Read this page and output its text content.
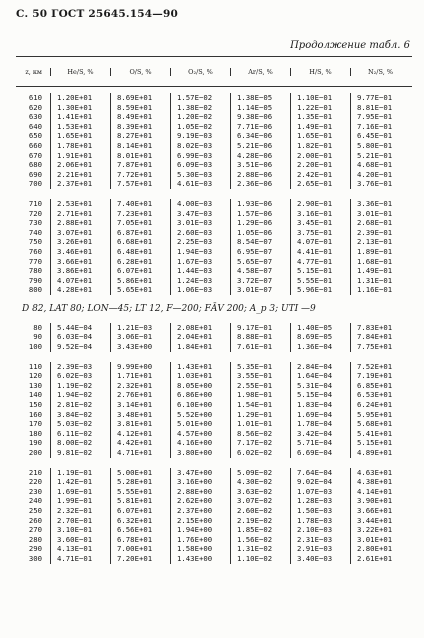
С. 50 ГОСТ 25645.154—90
Продолжение табл. 6
z, км	He/S, %	O/S, %	O₂/S, %	Ar/S, %	H/S, %	N₂/S, %
610	1.20E+01	8.69E+01	1.57E−02	1.38E−05	1.10E−01	9.77E−01
620	1.30E+01	8.59E+01	1.38E−02	1.14E−05	1.22E−01	8.81E−01
630	1.41E+01	8.49E+01	1.20E−02	9.38E−06	1.35E−01	7.95E−01
640	1.53E+01	8.39E+01	1.05E−02	7.71E−06	1.49E−01	7.16E−01
650	1.65E+01	8.27E+01	9.19E−03	6.34E−06	1.65E−01	6.45E−01
660	1.78E+01	8.14E+01	8.02E−03	5.21E−06	1.82E−01	5.80E−01
670	1.91E+01	8.01E+01	6.99E−03	4.28E−06	2.00E−01	5.21E−01
680	2.06E+01	7.87E+01	6.09E−03	3.51E−06	2.20E−01	4.68E−01
690	2.21E+01	7.72E+01	5.30E−03	2.88E−06	2.42E−01	4.20E−01
700	2.37E+01	7.57E+01	4.61E−03	2.36E−06	2.65E−01	3.76E−01
710	2.53E+01	7.40E+01	4.00E−03	1.93E−06	2.90E−01	3.36E−01
720	2.71E+01	7.23E+01	3.47E−03	1.57E−06	3.16E−01	3.01E−01
730	2.88E+01	7.05E+01	3.01E−03	1.29E−06	3.45E−01	2.68E−01
740	3.07E+01	6.87E+01	2.60E−03	1.05E−06	3.75E−01	2.39E−01
750	3.26E+01	6.68E+01	2.25E−03	8.54E−07	4.07E−01	2.13E−01
760	3.46E+01	6.48E+01	1.94E−03	6.95E−07	4.41E−01	1.89E−01
770	3.66E+01	6.28E+01	1.67E−03	5.65E−07	4.77E−01	1.68E−01
780	3.86E+01	6.07E+01	1.44E−03	4.58E−07	5.15E−01	1.49E−01
790	4.07E+01	5.86E+01	1.24E−03	3.72E−07	5.55E−01	1.31E−01
800	4.28E+01	5.65E+01	1.06E−03	3.01E−07	5.96E−01	1.16E−01
D 82, LAT 80; LON—45; LT 12, F—200; FĀV 200; A_p 3; UTI —9
80	5.44E−04	1.21E−03	2.08E+01	9.17E−01	1.40E−05	7.83E+01
90	6.03E−04	3.06E−01	2.04E+01	8.88E−01	8.69E−05	7.84E+01
100	9.52E−04	3.43E+00	1.84E+01	7.61E−01	1.36E−04	7.75E+01
110	2.39E−03	9.99E+00	1.43E+01	5.35E−01	2.84E−04	7.52E+01
120	6.02E−03	1.71E+01	1.03E+01	3.55E−01	1.64E−04	7.19E+01
130	1.19E−02	2.32E+01	8.05E+00	2.55E−01	5.31E−04	6.85E+01
140	1.94E−02	2.76E+01	6.86E+00	1.98E−01	5.15E−04	6.53E+01
150	2.81E−02	3.14E+01	6.10E+00	1.54E−01	1.83E−04	6.24E+01
160	3.84E−02	3.48E+01	5.52E+00	1.29E−01	1.69E−04	5.95E+01
170	5.03E−02	3.81E+01	5.01E+00	1.01E−01	1.78E−04	5.68E+01
180	6.11E−02	4.12E+01	4.57E+00	8.56E−02	3.42E−04	5.41E+01
190	8.00E−02	4.42E+01	4.16E+00	7.17E−02	5.71E−04	5.15E+01
200	9.81E−02	4.71E+01	3.80E+00	6.02E−02	6.69E−04	4.89E+01
210	1.19E−01	5.00E+01	3.47E+00	5.09E−02	7.64E−04	4.63E+01
220	1.42E−01	5.28E+01	3.16E+00	4.30E−02	9.02E−04	4.38E+01
230	1.69E−01	5.55E+01	2.88E+00	3.63E−02	1.07E−03	4.14E+01
240	1.99E−01	5.81E+01	2.62E+00	3.07E−02	1.28E−03	3.90E+01
250	2.32E−01	6.07E+01	2.37E+00	2.60E−02	1.50E−03	3.66E+01
260	2.70E−01	6.32E+01	2.15E+00	2.19E−02	1.78E−03	3.44E+01
270	3.10E−01	6.56E+01	1.94E+00	1.85E−02	2.10E−03	3.22E+01
280	3.60E−01	6.78E+01	1.76E+00	1.56E−02	2.31E−03	3.01E+01
290	4.13E−01	7.00E+01	1.58E+00	1.31E−02	2.91E−03	2.80E+01
300	4.71E−01	7.20E+01	1.43E+00	1.10E−02	3.40E−03	2.61E+01
